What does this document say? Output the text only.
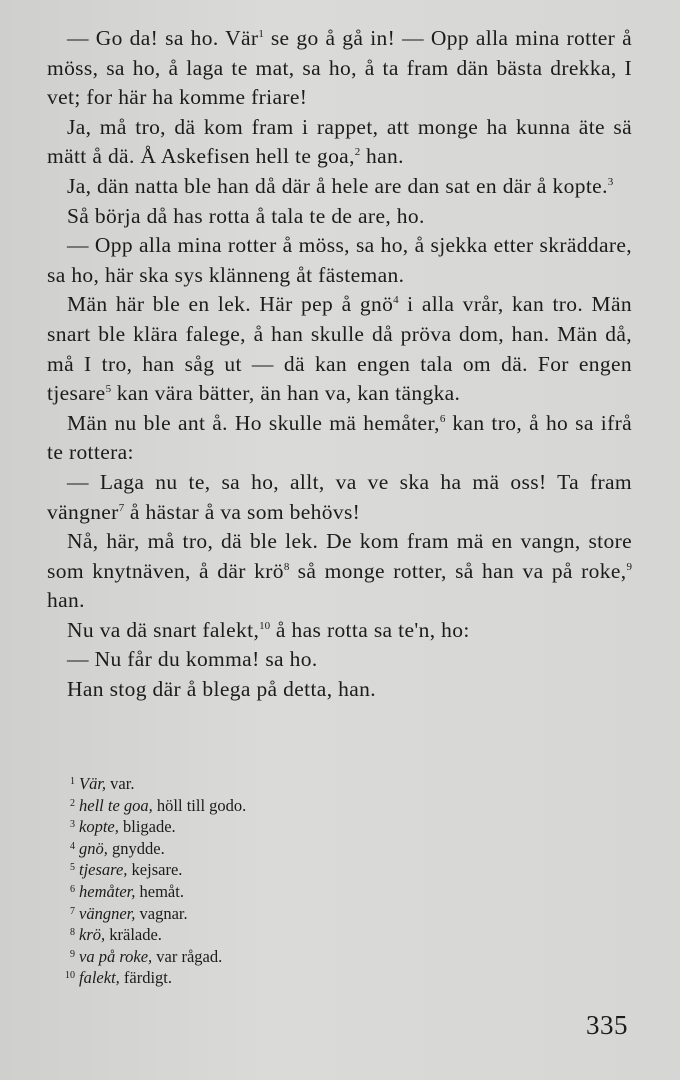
— Go da! sa ho. Vär$^1$ se go å gå in! — Opp alla mina rotter å möss, sa ho, å laga te mat, sa ho, å ta fram dän bästa drekka, I vet; for här ha komme friare!

Ja, må tro, dä kom fram i rappet, att monge ha kunna äte sä mätt å dä. Å Askefisen hell te goa,$^2$ han.

Ja, dän natta ble han då där å hele are dan sat en där å kopte.$^3$

Så börja då has rotta å tala te de are, ho.

— Opp alla mina rotter å möss, sa ho, å sjekka etter skräddare, sa ho, här ska sys klänneng åt fästeman.

Män här ble en lek. Här pep å gnö$^4$ i alla vrår, kan tro. Män snart ble klära falege, å han skulle då pröva dom, han. Män då, må I tro, han såg ut — dä kan engen tala om dä. For engen tjesare$^5$ kan vära bätter, än han va, kan tängka.

Män nu ble ant å. Ho skulle mä hemåter,$^6$ kan tro, å ho sa ifrå te rottera:

— Laga nu te, sa ho, allt, va ve ska ha mä oss! Ta fram vängner$^7$ å hästar å va som behövs!

Nå, här, må tro, dä ble lek. De kom fram mä en vangn, store som knytnäven, å där krö$^8$ så monge rotter, så han va på roke,$^9$ han.

Nu va dä snart falekt,$^{10}$ å has rotta sa te'n, ho:

— Nu får du komma! sa ho.

Han stog där å blega på detta, han.

1 Vär, var.
2 hell te goa, höll till godo.
3 kopte, bligade.
4 gnö, gnydde.
5 tjesare, kejsare.
6 hemåter, hemåt.
7 vängner, vagnar.
8 krö, krälade.
9 va på roke, var rågad.
10 falekt, färdigt.
335
